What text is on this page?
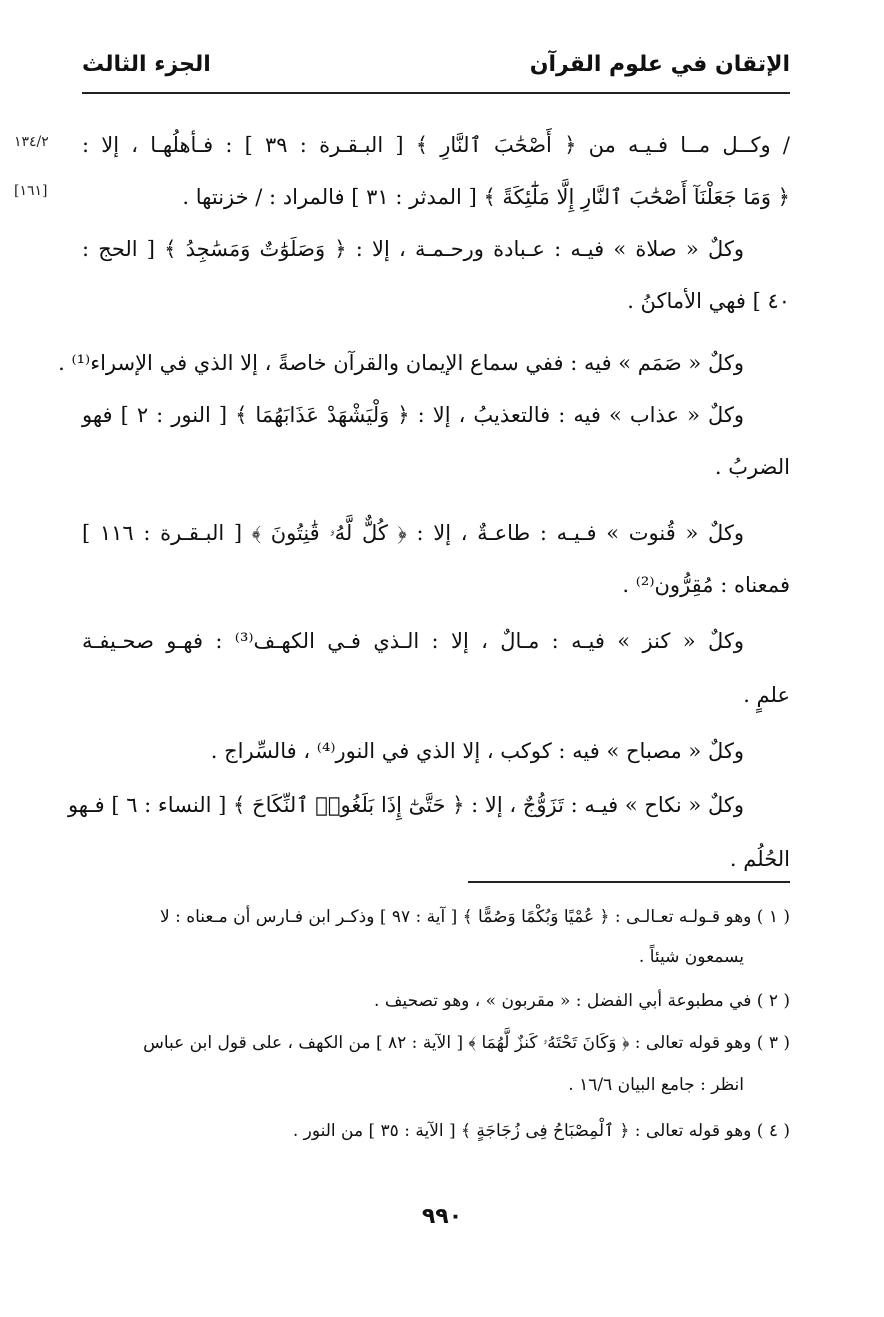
الإتقان في علوم القرآن
الجزء الثالث
١٣٤/٢
[١٦١]
/ وكــل مــا فـيـه من ﴿ أَصْحَٰبَ ٱلنَّارِ ﴾ [ البـقـرة : ٣٩ ] : فـأهلُهـا ، إلا :
﴿ وَمَا جَعَلْنَآ أَصْحَٰبَ ٱلنَّارِ إِلَّا مَلَٰٓئِكَةً ﴾ [ المدثر : ٣١ ] فالمراد : / خزنتها .
وكلٌ « صلاة » فيـه : عـبادة ورحـمـة ، إلا : ﴿ وَصَلَوَٰتٌ وَمَسَٰجِدُ ﴾ [ الحج :
٤٠ ] فهي الأماكنُ .
وكلٌ « صَمَم » فيه : ففي سماع الإيمان والقرآن خاصةً ، إلا الذي في الإسراء⁽¹⁾ .
وكلٌ « عذاب » فيه : فالتعذيبُ ، إلا : ﴿ وَلْيَشْهَدْ عَذَابَهُمَا ﴾ [ النور : ٢ ] فهو
الضربُ .
وكلٌ « قُنوت » فـيـه : طاعـةٌ ، إلا : ﴿ كُلٌّ لَّهُۥ قَٰنِتُونَ ﴾ [ البـقـرة : ١١٦ ]
فمعناه : مُقِرُّون⁽²⁾ .
وكلٌ « كنز » فيـه : مـالٌ ، إلا : الـذي فـي الكهـف⁽³⁾ : فهـو صحـيفـة
علمٍ .
وكلٌ « مصباح » فيه : كوكب ، إلا الذي في النور⁽⁴⁾ ، فالسِّراج .
وكلٌ « نكاح » فيـه : تَزَوُّجٌ ، إلا : ﴿ حَتَّىٰٓ إِذَا بَلَغُوا۟ ٱلنِّكَاحَ ﴾ [ النساء : ٦ ] فـهو
الحُلُم .
( ١ ) وهو قـولـه تعـالـى : ﴿ عُمْيًا وَبُكْمًا وَصُمًّا ﴾ [ آية : ٩٧ ] وذكـر ابن فـارس أن مـعناه : لا
يسمعون شيئاً .
( ٢ ) في مطبوعة أبي الفضل : « مقربون » ، وهو تصحيف .
( ٣ ) وهو قوله تعالى : ﴿ وَكَانَ تَحْتَهُۥ كَنزٌ لَّهُمَا ﴾ [ الآية : ٨٢ ] من الكهف ، على قول ابن عباس
انظر : جامع البيان ١٦/٦ .
( ٤ ) وهو قوله تعالى : ﴿ ٱلْمِصْبَاحُ فِى زُجَاجَةٍ ﴾ [ الآية : ٣٥ ] من النور .
٩٩٠
